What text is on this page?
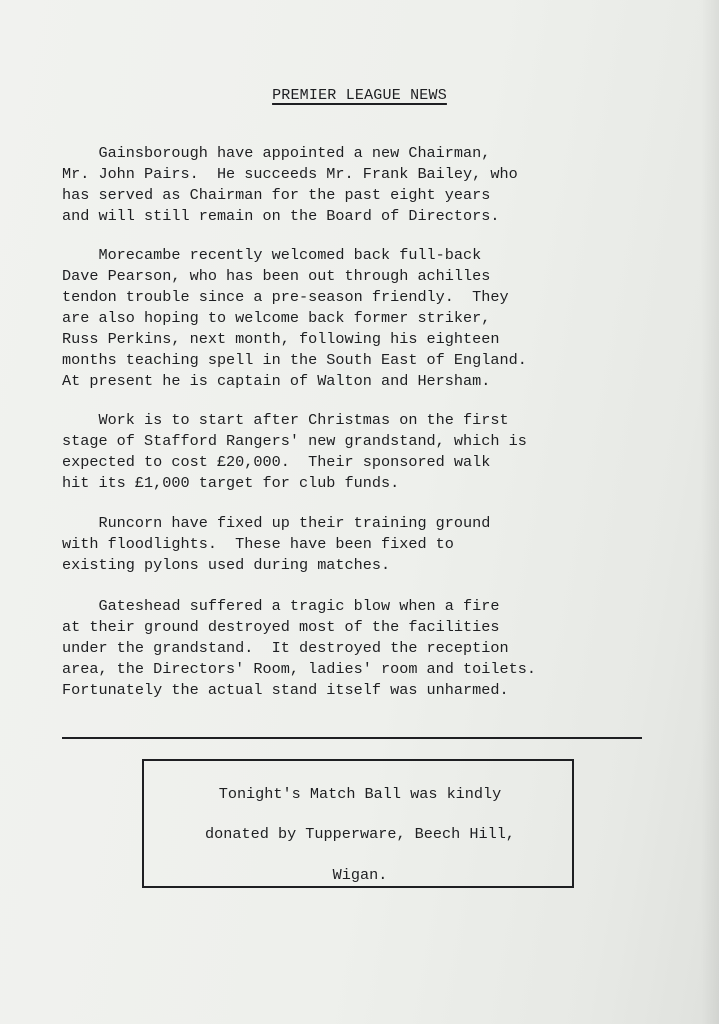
PREMIER LEAGUE NEWS

Gainsborough have appointed a new Chairman,
Mr. John Pairs.  He succeeds Mr. Frank Bailey, who
has served as Chairman for the past eight years
and will still remain on the Board of Directors.

Morecambe recently welcomed back full-back
Dave Pearson, who has been out through achilles
tendon trouble since a pre-season friendly.  They
are also hoping to welcome back former striker,
Russ Perkins, next month, following his eighteen
months teaching spell in the South East of England.
At present he is captain of Walton and Hersham.

Work is to start after Christmas on the first
stage of Stafford Rangers' new grandstand, which is
expected to cost £20,000.  Their sponsored walk
hit its £1,000 target for club funds.

Runcorn have fixed up their training ground
with floodlights.  These have been fixed to
existing pylons used during matches.

Gateshead suffered a tragic blow when a fire
at their ground destroyed most of the facilities
under the grandstand.  It destroyed the reception
area, the Directors' Room, ladies' room and toilets.
Fortunately the actual stand itself was unharmed.

Tonight's Match Ball was kindly
donated by Tupperware, Beech Hill,
Wigan.
